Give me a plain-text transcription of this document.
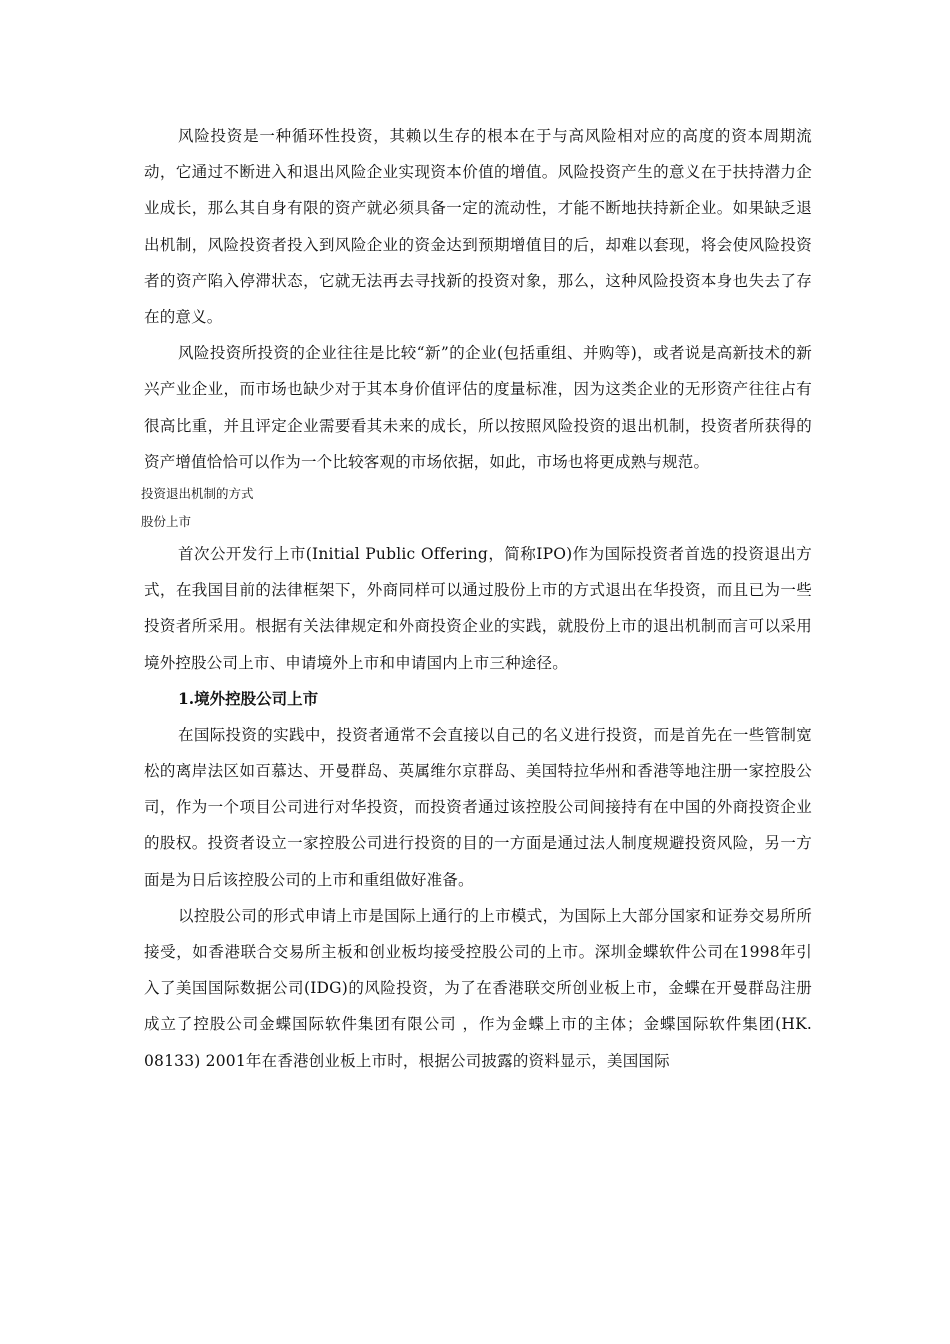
风险投资是一种循环性投资，其赖以生存的根本在于与高风险相对应的高度的资本周期流动，它通过不断进入和退出风险企业实现资本价值的增值。风险投资产生的意义在于扶持潜力企业成长，那么其自身有限的资产就必须具备一定的流动性，才能不断地扶持新企业。如果缺乏退出机制，风险投资者投入到风险企业的资金达到预期增值目的后，却难以套现，将会使风险投资者的资产陷入停滞状态，它就无法再去寻找新的投资对象，那么，这种风险投资本身也失去了存在的意义。

风险投资所投资的企业往往是比较“新”的企业(包括重组、并购等)，或者说是高新技术的新兴产业企业，而市场也缺少对于其本身价值评估的度量标准，因为这类企业的无形资产往往占有很高比重，并且评定企业需要看其未来的成长，所以按照风险投资的退出机制，投资者所获得的资产增值恰恰可以作为一个比较客观的市场依据，如此，市场也将更成熟与规范。

投资退出机制的方式

股份上市

首次公开发行上市(Initial Public Offering，简称IPO)作为国际投资者首选的投资退出方式，在我国目前的法律框架下，外商同样可以通过股份上市的方式退出在华投资，而且已为一些投资者所采用。根据有关法律规定和外商投资企业的实践，就股份上市的退出机制而言可以采用境外控股公司上市、申请境外上市和申请国内上市三种途径。

1.境外控股公司上市

在国际投资的实践中，投资者通常不会直接以自己的名义进行投资，而是首先在一些管制宽松的离岸法区如百慕达、开曼群岛、英属维尔京群岛、美国特拉华州和香港等地注册一家控股公司，作为一个项目公司进行对华投资，而投资者通过该控股公司间接持有在中国的外商投资企业的股权。投资者设立一家控股公司进行投资的目的一方面是通过法人制度规避投资风险，另一方面是为日后该控股公司的上市和重组做好准备。

以控股公司的形式申请上市是国际上通行的上市模式，为国际上大部分国家和证券交易所所接受，如香港联合交易所主板和创业板均接受控股公司的上市。深圳金蝶软件公司在1998年引入了美国国际数据公司(IDG)的风险投资，为了在香港联交所创业板上市，金蝶在开曼群岛注册成立了控股公司金蝶国际软件集团有限公司 ，作为金蝶上市的主体；金蝶国际软件集团(HK. 08133) 2001年在香港创业板上市时，根据公司披露的资料显示，美国国际
